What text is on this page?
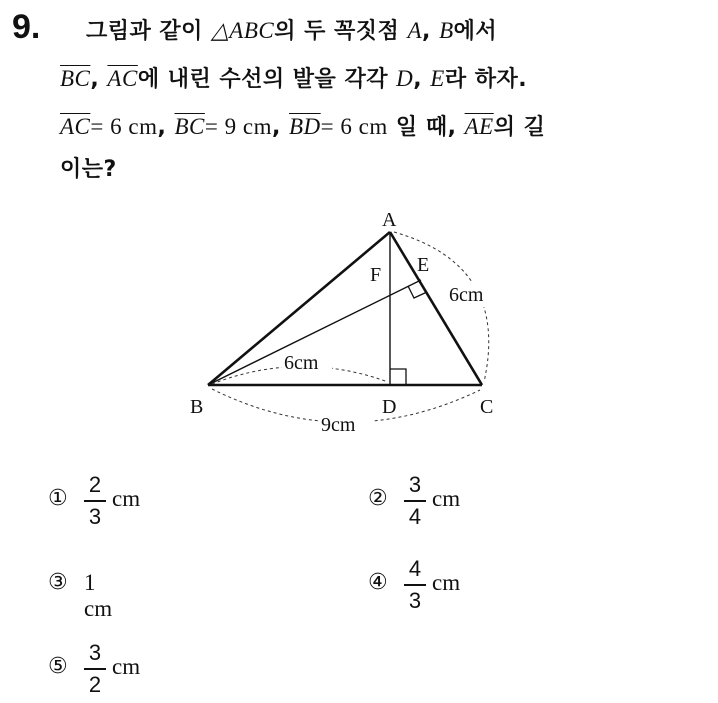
9. 그림과 같이 △ABC의 두 꼭짓점 A, B에서
$\overline{BC}$, $\overline{AC}$에 내린 수선의 발을 각각 D, E라 하자.
$\overline{AC}= 6$ cm, $\overline{BC}= 9$ cm, $\overline{BD}= 6$ cm 일 때, $\overline{AE}$의 길
이는?
A
B	C
D
E
F
6cm
9cm
6cm
①
2
3
cm	②
3
4
cm
③ 1 cm
④
4
3
cm
⑤
3
2
cm
